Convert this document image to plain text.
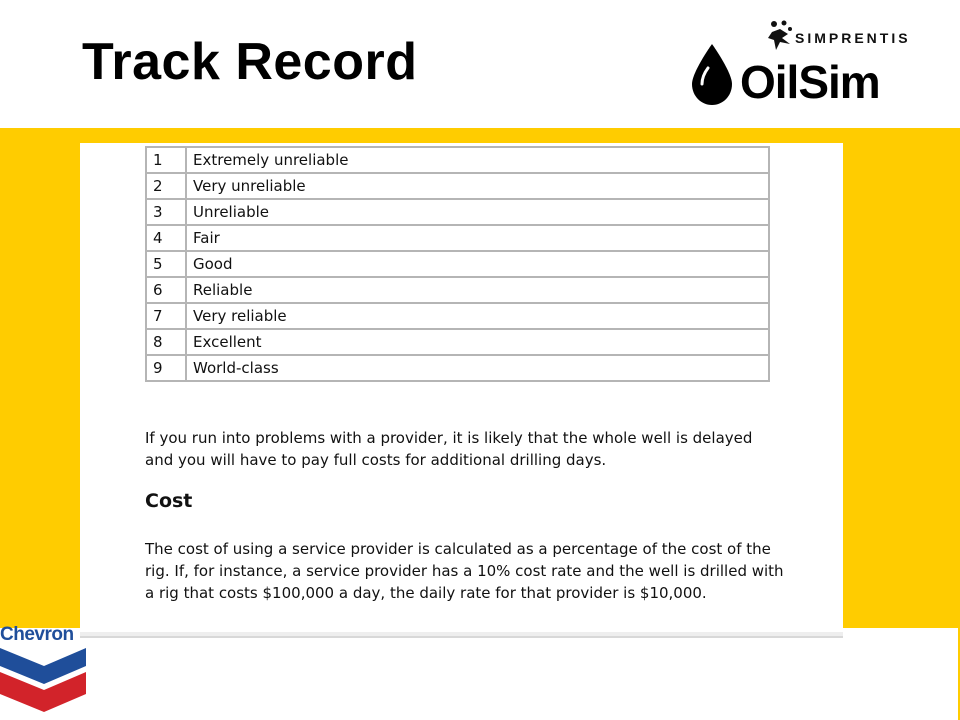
Track Record	SIMPRENTIS
OilSim
1	Extremely unreliable
2	Very unreliable
3	Unreliable
4	Fair
5	Good
6	Reliable
7	Very reliable
8	Excellent
9	World-class
If you run into problems with a provider, it is likely that the whole well is delayed and you will have to pay full costs for additional drilling days.
Cost
The cost of using a service provider is calculated as a percentage of the cost of the rig. If, for instance, a service provider has a 10% cost rate and the well is drilled with a rig that costs $100,000 a day, the daily rate for that provider is $10,000.
Chevron
